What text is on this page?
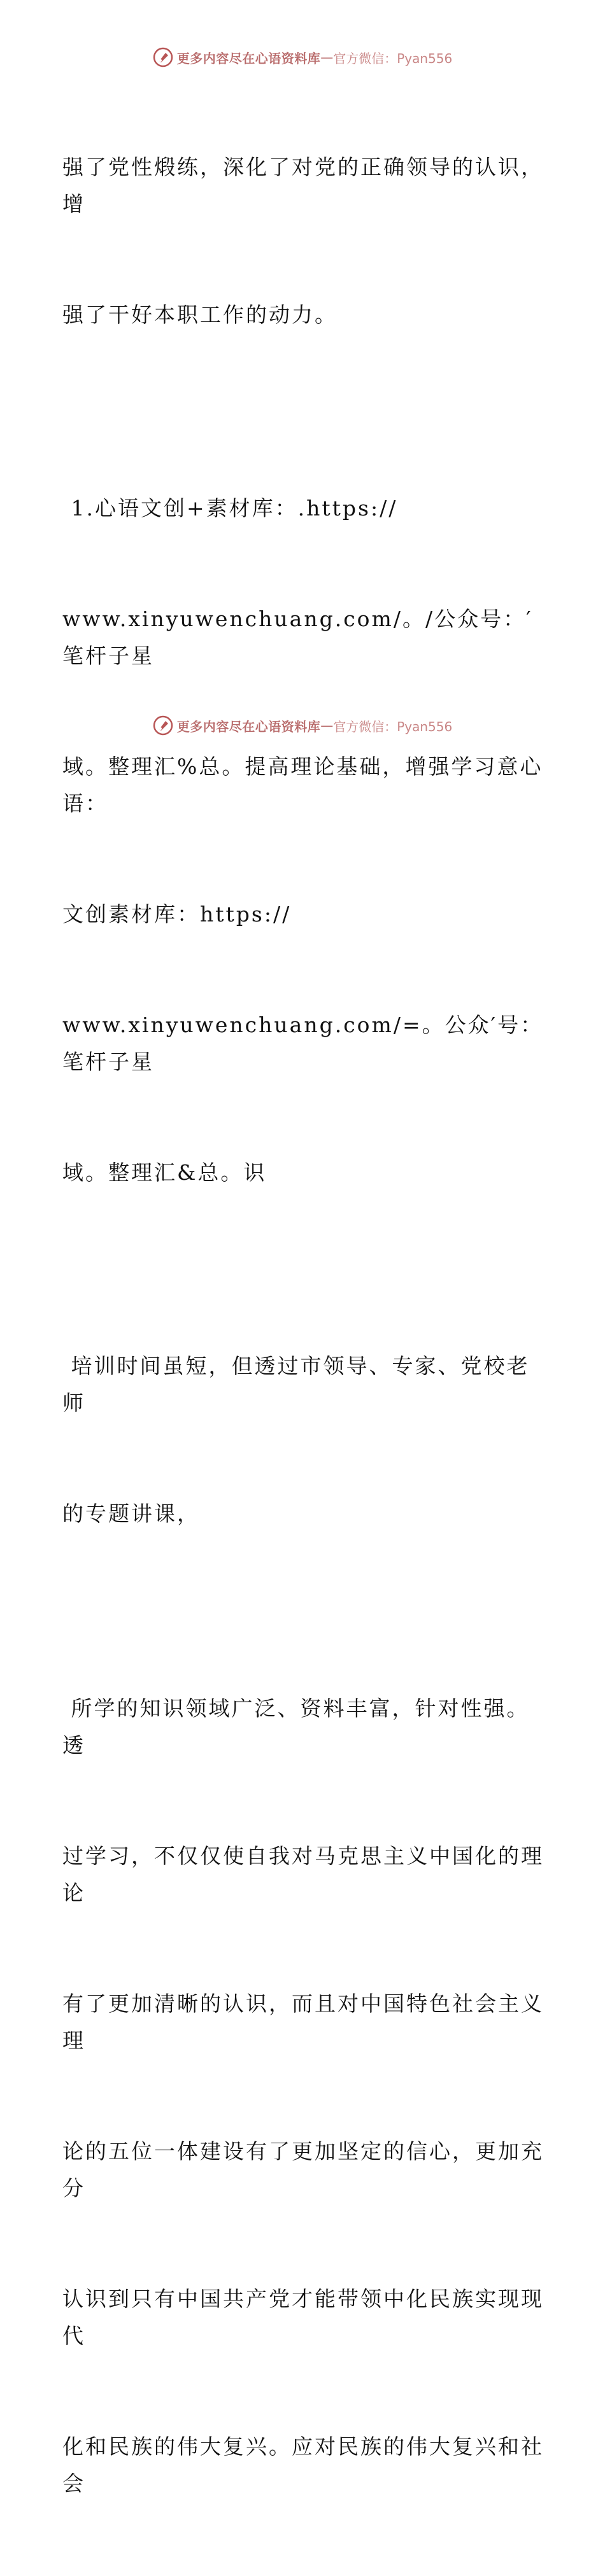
更多内容尽在心语资料库 — 官方微信：Pyan556

强了党性煅练，深化了对党的正确领导的认识，增

强了干好本职工作的动力。

1.心语文创+素材库：.https://

www.xinyuwenchuang.com/。/公众号：′笔杆子星

域。整理汇%总。提高理论基础，增强学习意心语：

文创素材库：https://

www.xinyuwenchuang.com/=。公众′号：笔杆子星

域。整理汇&总。识

培训时间虽短，但透过市领导、专家、党校老师

的专题讲课，

所学的知识领域广泛、资料丰富，针对性强。透

过学习，不仅仅使自我对马克思主义中国化的理论

有了更加清晰的认识，而且对中国特色社会主义理

论的五位一体建设有了更加坚定的信心，更加充分

认识到只有中国共产党才能带领中化民族实现现代

化和民族的伟大复兴。应对民族的伟大复兴和社会

更多内容尽在心语资料库 — 官方微信：Pyan556
